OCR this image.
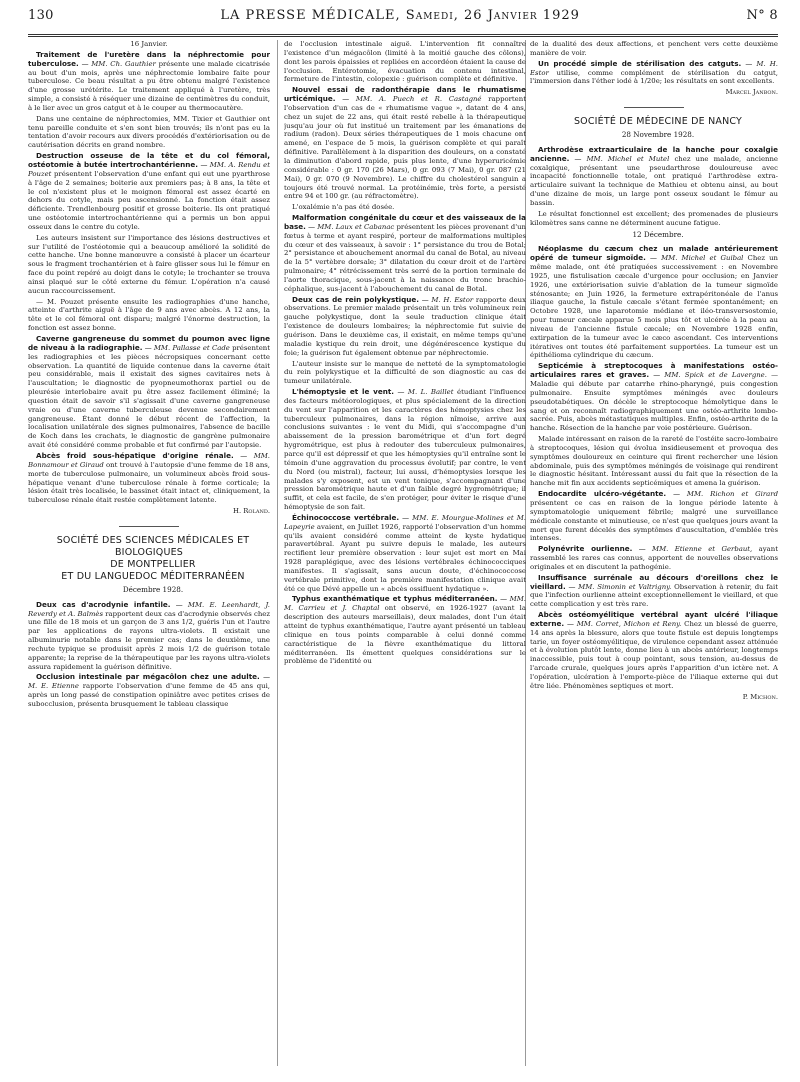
130	LA PRESSE MÉDICALE, Samedi, 26 Janvier 1929	N° 8

16 Janvier.

Traitement de l'uretère dans la néphrectomie pour tuberculose. — MM. Ch. Gauthier présente une malade cicatrisée au bout d'un mois, après une néphrectomie lombaire faite pour tuberculose. Ce beau résultat a pu être obtenu malgré l'existence d'une grosse urétérite. Le traitement appliqué à l'uretère, très simple, a consisté à réséquer une dizaine de centimètres du conduit, à le lier avec un gros catgut et à le couper au thermocautère.

Dans une centaine de néphrectomies, MM. Tixier et Gauthier ont tenu pareille conduite et s'en sont bien trouvés; ils n'ont pas eu la tentation d'avoir recours aux divers procédés d'extériorisation ou de cautérisation décrits en grand nombre.

Destruction osseuse de la tête et du col fémoral, ostéotomie à butée intertrochantérienne. — MM. A. Rendu et Pouzet présentent l'observation d'une enfant qui eut une pyarthrose à l'âge de 2 semaines; boiterie aux premiers pas; à 8 ans, la tête et le col n'existent plus et le moignon fémoral est assez écarté en dehors du cotyle, mais peu ascensionné. La fonction était assez déficiente. Trendlenbourg positif et grosse boiterie. Ils ont pratiqué une ostéotomie intertrochantérienne qui a permis un bon appui osseux dans le centre du cotyle.

Les auteurs insistent sur l'importance des lésions destructives et sur l'utilité de l'ostéotomie qui a beaucoup amélioré la solidité de cette hanche. Une bonne manœuvre a consisté à placer un écarteur sous le fragment trochantérien et à faire glisser sous lui le fémur en face du point repéré au doigt dans le cotyle; le trochanter se trouva ainsi plaqué sur le côté externe du fémur. L'opération n'a causé aucun raccourcissement.

— M. Pouzet présente ensuite les radiographies d'une hanche, atteinte d'arthrite aiguë à l'âge de 9 ans avec abcès. A 12 ans, la tête et le col fémoral ont disparu; malgré l'énorme destruction, la fonction est assez bonne.

Caverne gangreneuse du sommet du poumon avec ligne de niveau à la radiographie. — MM. Pallasse et Cade présentent les radiographies et les pièces nécropsiques concernant cette observation. La quantité de liquide contenue dans la caverne était peu considérable, mais il existait des signes cavitaires nets à l'auscultation; le diagnostic de pyopneumothorax partiel ou de pleurésie interlobaire avait pu être assez facilement éliminé; la question était de savoir s'il s'agissait d'une caverne gangreneuse vraie ou d'une caverne tuberculeuse devenue secondairement gangreneuse. Étant donné le début récent de l'affection, la localisation unilatérale des signes pulmonaires, l'absence de bacille de Koch dans les crachats, le diagnostic de gangrène pulmonaire avait été considéré comme probable et fut confirmé par l'autopsie.

Abcès froid sous-hépatique d'origine rénale. — MM. Bonnamour et Giraud ont trouvé à l'autopsie d'une femme de 18 ans, morte de tuberculose pulmonaire, un volumineux abcès froid sous-hépatique venant d'une tuberculose rénale à forme corticale; la lésion était très localisée, le bassinet était intact et, cliniquement, la tuberculose rénale était restée complètement latente.

H. Roland.

SOCIÉTÉ DES SCIENCES MÉDICALES ET BIOLOGIQUES

DE MONTPELLIER

ET DU LANGUEDOC MÉDITERRANÉEN

Décembre 1928.

Deux cas d'acrodynie infantile. — MM. E. Leenhardt, J. Reverdy et A. Balmès rapportent deux cas d'acrodynie observés chez une fille de 18 mois et un garçon de 3 ans 1/2, guéris l'un et l'autre par les applications de rayons ultra-violets. Il existait une albuminurie notable dans le premier cas; dans le deuxième, une rechute typique se produisit après 2 mois 1/2 de guérison totale apparente; la reprise de la thérapeutique par les rayons ultra-violets assura rapidement la guérison définitive.

Occlusion intestinale par mégacôlon chez une adulte. — M. E. Etienne rapporte l'observation d'une femme de 45 ans qui, après un long passé de constipation opiniâtre avec petites crises de subocclusion, présenta brusquement le tableau classique

de l'occlusion intestinale aiguë. L'intervention fit connaître l'existence d'un mégacôlon (limité à la moitié gauche des côlons), dont les parois épaissies et repliées en accordéon étaient la cause de l'occlusion. Entérotomie, évacuation du contenu intestinal, fermeture de l'intestin, colopexie : guérison complète et définitive.

Nouvel essai de radonthérapie dans le rhumatisme urticémique. — MM. A. Puech et R. Castagné rapportent l'observation d'un cas de « rhumatisme vague », datant de 4 ans, chez un sujet de 22 ans, qui était resté rebelle à la thérapeutique jusqu'au jour où fut institué un traitement par les émanations de radium (radon). Deux séries thérapeutiques de 1 mois chacune ont amené, en l'espace de 5 mois, la guérison complète et qui paraît définitive. Parallèlement à la disparition des douleurs, on a constaté la diminution d'abord rapide, puis plus lente, d'une hyperuricémie considérable : 0 gr. 170 (26 Mars), 0 gr. 093 (7 Mai), 0 gr. 087 (21 Mai), 0 gr. 070 (9 Novembre). Le chiffre du cholestérol sanguin a toujours été trouvé normal. La protéinémie, très forte, a persisté entre 94 et 100 gr. (au réfractomètre).

L'oxalémie n'a pas été dosée.

Malformation congénitale du cœur et des vaisseaux de la base. — MM. Laux et Cabanac présentent les pièces provenant d'un fœtus à terme et ayant respiré, porteur de malformations multiples du cœur et des vaisseaux, à savoir : 1° persistance du trou de Botal; 2° persistance et abouchement anormal du canal de Botal, au niveau de la 5° vertèbre dorsale; 3° dilatation du cœur droit et de l'artère pulmonaire; 4° rétrécissement très serré de la portion terminale de l'aorte thoracique, sous-jacent à la naissance du tronc brachio-céphalique, sus-jacent à l'abouchement du canal de Botal.

Deux cas de rein polykystique. — M. H. Estor rapporte deux observations. Le premier malade présentait un très volumineux rein gauche polykystique, dont la seule traduction clinique était l'existence de douleurs lombaires; la néphrectomie fut suivie de guérison. Dans le deuxième cas, il existait, en même temps qu'une maladie kystique du rein droit, une dégénérescence kystique du foie; la guérison fut également obtenue par néphrectomie.

L'auteur insiste sur le manque de netteté de la symptomatologie du rein polykystique et la difficulté de son diagnostic au cas de tumeur unilatérale.

L'hémoptysie et le vent. — M. L. Baillet étudiant l'influence des facteurs météorologiques, et plus spécialement de la direction du vent sur l'apparition et les caractères des hémoptysies chez les tuberculeux pulmonaires, dans la région nîmoise, arrive aux conclusions suivantes : le vent du Midi, qui s'accompagne d'un abaissement de la pression barométrique et d'un fort degré hygrométrique, est plus à redouter des tuberculeux pulmonaires, parce qu'il est dépressif et que les hémoptysies qu'il entraîne sont le témoin d'une aggravation du processus évolutif; par contre, le vent du Nord (ou mistral), facteur, lui aussi, d'hémoptysies lorsque les malades s'y exposent, est un vent tonique, s'accompagnant d'une pression barométrique haute et d'un faible degré hygrométrique; il suffit, et cela est facile, de s'en protéger, pour éviter le risque d'une hémoptysie de son fait.

Échinococcose vertébrale. — MM. E. Mourgue-Molines et M. Lapeyrie avaient, en Juillet 1926, rapporté l'observation d'un homme qu'ils avaient considéré comme atteint de kyste hydatique paravertébral. Ayant pu suivre depuis le malade, les auteurs rectifient leur première observation : leur sujet est mort en Mai 1928 paraplégique, avec des lésions vertébrales échinococciques manifestes. Il s'agissait, sans aucun doute, d'échinococcose vertébrale primitive, dont la première manifestation clinique avait été ce que Dévé appelle un « abcès ossifluent hydatique ».

Typhus exanthématique et typhus méditerranéen. — MM. M. Carrieu et J. Chaptal ont observé, en 1926-1927 (avant la description des auteurs marseillais), deux malades, dont l'un était atteint de typhus exanthématique, l'autre ayant présenté un tableau clinique en tous points comparable à celui donné comme caractéristique de la fièvre exanthématique du littoral méditerranéen. Ils émettent quelques considérations sur le problème de l'identité ou

de la dualité des deux affections, et penchent vers cette deuxième manière de voir.

Un procédé simple de stérilisation des catguts. — M. H. Estor utilise, comme complément de stérilisation du catgut, l'immersion dans l'éther iodé à 1/20e; les résultats en sont excellents.

Marcel Janbon.

SOCIÉTÉ DE MÉDECINE DE NANCY

28 Novembre 1928.

Arthrodèse extraarticulaire de la hanche pour coxalgie ancienne. — MM. Michel et Mutel chez une malade, ancienne coxalgique, présentant une pseudarthrose douloureuse avec incapacité fonctionnelle totale, ont pratiqué l'arthrodèse extra-articulaire suivant la technique de Mathieu et obtenu ainsi, au bout d'une dizaine de mois, un large pont osseux soudant le fémur au bassin.

Le résultat fonctionnel est excellent; des promenades de plusieurs kilomètres sans canne ne déterminent aucune fatigue.

12 Décembre.

Néoplasme du cæcum chez un malade antérieurement opéré de tumeur sigmoïde. — MM. Michel et Guibal Chez un même malade, ont été pratiquées successivement : en Novembre 1925, une fistulisation cæcale d'urgence pour occlusion; en Janvier 1926, une extériorisation suivie d'ablation de la tumeur sigmoïde sténosante; en Juin 1926, la fermeture extrapéritonéale de l'anus iliaque gauche, la fistule cæcale s'étant fermée spontanément; en Octobre 1928, une laparotomie médiane et iléo-transversostomie, pour tumeur cæcale apparue 5 mois plus tôt et ulcérée à la peau au niveau de l'ancienne fistule cæcale; en Novembre 1928 enfin, extirpation de la tumeur avec le cæco ascendant. Ces interventions itératives ont toutes été parfaitement supportées. La tumeur est un épithélioma cylindrique du cæcum.

Septicémie à streptocoques à manifestations ostéo-articulaires rares et graves. — MM. Spick et de Lavergne. — Maladie qui débute par catarrhe rhino-pharyngé, puis congestion pulmonaire. Ensuite symptômes méningés avec douleurs pseudotabétiques. On décèle le streptocoque hémolytique dans le sang et on reconnaît radiographiquement une ostéo-arthrite lombo-sacrée. Puis, abcès métastatiques multiples. Enfin, ostéo-arthrite de la hanche. Résection de la hanche par voie postérieure. Guérison.

Malade intéressant en raison de la rareté de l'ostéite sacro-lombaire à streptocoques, lésion qui évolua insidieusement et provoqua des symptômes douloureux en ceinture qui firent rechercher une lésion abdominale, puis des symptômes méningés de voisinage qui rendirent le diagnostic hésitant. Intéressant aussi du fait que la résection de la hanche mit fin aux accidents septicémiques et amena la guérison.

Endocardite ulcéro-végétante. — MM. Richon et Girard présentent ce cas en raison de la longue période latente à symptomatologie uniquement fébrile; malgré une surveillance médicale constante et minutieuse, ce n'est que quelques jours avant la mort que furent décelés des symptômes d'auscultation, d'emblée très intenses.

Polynévrite ourlienne. — MM. Etienne et Gerbaut, ayant rassemblé les rares cas connus, apportent de nouvelles observations originales et en discutent la pathogénie.

Insuffisance surrénale au décours d'oreillons chez le vieillard. — MM. Simonin et Valtrigny. Observation à retenir, du fait que l'infection ourlienne atteint exceptionnellement le vieillard, et que cette complication y est très rare.

Abcès ostéomyélitique vertébral ayant ulcéré l'iliaque externe. — MM. Corret, Michon et Reny. Chez un blessé de guerre, 14 ans après la blessure, alors que toute fistule est depuis longtemps tarie, un foyer ostéomyélitique, de virulence cependant assez atténuée et à évolution plutôt lente, donne lieu à un abcès antérieur, longtemps inaccessible, puis tout à coup pointant, sous tension, au-dessus de l'arcade crurale, quelques jours après l'apparition d'un ictère net. A l'opération, ulcération à l'emporte-pièce de l'iliaque externe qui dut être liée. Phénomènes septiques et mort.

P. Michon.
